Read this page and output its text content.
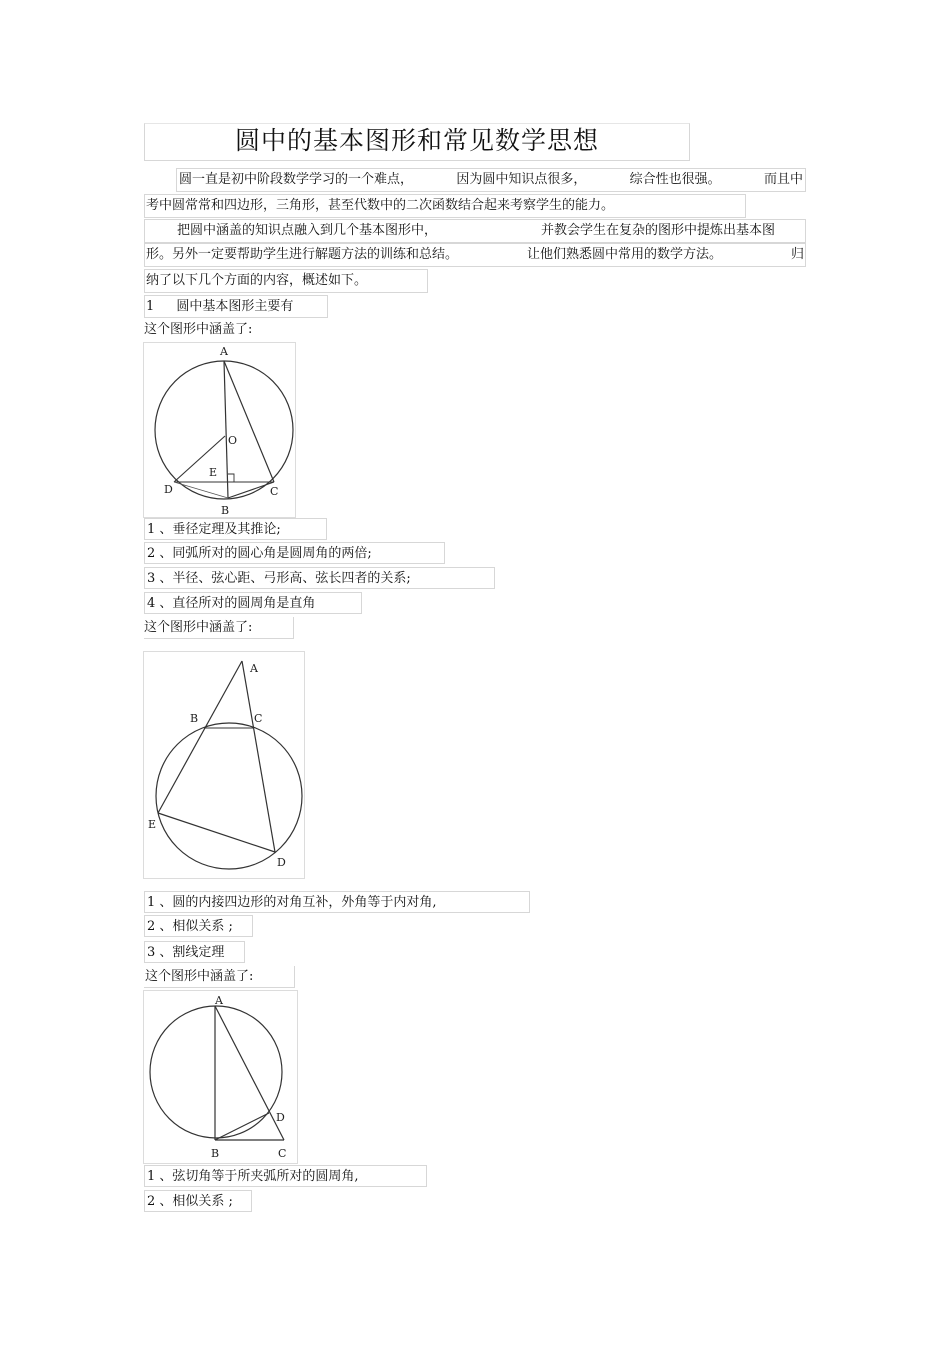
圆中的基本图形和常见数学思想
圆一直是初中阶段数学学习的一个难点，	因为圆中知识点很多，	综合性也很强。	而且中
考中圆常常和四边形，三角形，甚至代数中的二次函数结合起来考察学生的能力。
把圆中涵盖的知识点融入到几个基本图形中，	并教会学生在复杂的图形中提炼出基本图
形。另外一定要帮助学生进行解题方法的训练和总结。	让他们熟悉圆中常用的数学方法。	归
纳了以下几个方面的内容，概述如下。
1 圆中基本图形主要有
这个图形中涵盖了:
A
O
E
D	C
B
1 、垂径定理及其推论;
2 、同弧所对的圆心角是圆周角的两倍;
3 、半径、弦心距、弓形高、弦长四者的关系;
4 、直径所对的圆周角是直角
这个图形中涵盖了:
A
B	C
E
D
1 、圆的内接四边形的对角互补，外角等于内对角,
2 、相似关系 ;
3 、割线定理
这个图形中涵盖了:
A
D
B	C
1 、弦切角等于所夹弧所对的圆周角,
2 、相似关系 ;
